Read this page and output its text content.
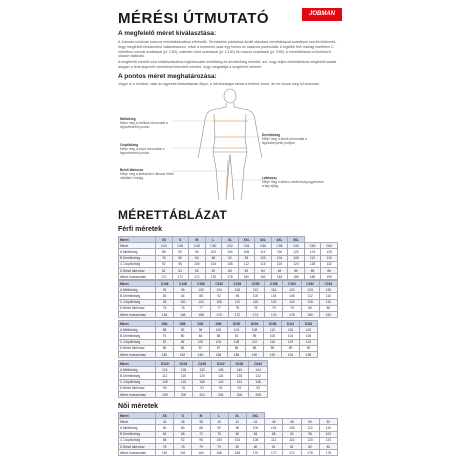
MÉRÉSI ÚTMUTATÓ	JOBMAN
A megfelelő méret kiválasztása:
A Jobman ruháinak számos mérettáblázatban elérhetők. Termékeink pántalhoz kínált standard mérettáblázat szabályok szerint történnek, hogy megfelelő illeszkedést választhasson, mivel a testméret csak egy fontos és hasznos potenciális. A legtöbb férfi nadrág esetében C méretben normál szabással (pl. C50), valamint rövid szabással (pl. C150) és hosszú szabással (pl. D96). A mérettáblázat a következő oldalon található.
A megfelelő méretű ruha kiválasztásához legfontosabb mellbőség és derékbőség méretét, azt, hogy teljes mérettáblázat megfelelő adatai alapján a fenti alapvető méretekkel készített méretet, hogy megtalálja a megfelelő méretet.
A pontos méret meghatározása:
Vegye le a ruhákat, csak az egyenes testtartásban álljon, a mérőszalagot tartsa a testhez közel, de ne húzza meg túl szorosan.
Mellbőség
Mérje meg a mellkas körvonalát a legszélesebb ponton.
Derékbőség
Mérje meg a derék körvonalát a legkeskenyebb pontján.
Csípőbőség
Mérje meg a csípő körvonalát a legszélesebb ponton.
Belső lábhossz
Mérje meg a lábszárát a lábszár belső oldalától a talpig.	Lábhossz
Mérje meg a lábát a derékrészig egyenesen a talp aljáig.
MÉRETTÁBLÁZAT
Férfi méretek
Méret	XS	S	M	L	XL	XXL	3XL	4XL	5XL		
Méret	C44	C46	C48	C50	C52	C54	C56	C58	C60	C62	C64
A Mellbőség	88	92	96	100	104	108	112	116	120	124	128
B Derékbőség	76	80	84	88	92	96	100	104	108	112	116
C Csípőbőség	92	96	100	104	108	112	116	120	124	128	132
D Belső lábhossz	81	81	82	82	83	83	84	84	85	85	86
Méret hosszúsban	170	172	174	176	178	180	182	184	186	188	190
Méret	C146	C148	C150	C152	C154	C156	C158	C160	C162	C164
A Mellbőség	92	96	100	104	108	112	116	120	124	128
B Derékbőség	80	84	88	92	96	100	104	108	112	116
C Csípőbőség	96	100	104	108	112	116	120	124	128	132
D Belső lábhossz	76	76	77	77	78	78	79	79	80	80
Méret hosszúsban	164	166	168	170	172	174	176	178	180	182
Méret	D84	D88	D92	D96	D100	D104	D108	D112	D116
A Mellbőség	88	92	96	100	104	108	112	116	120
B Derékbőség	76	80	84	88	92	96	100	104	108
C Csípőbőség	92	96	100	104	108	112	116	120	124
D Belső lábhossz	86	86	87	87	88	88	89	89	90
Méret hosszúsban	180	182	184	186	188	190	192	194	196
Méret	D120	D124	D128	D132	D136	D140
A Mellbőség	124	128	132	136	140	144
B Derékbőség	112	116	120	124	128	132
C Csípőbőség	128	132	136	140	144	148
D Belső lábhossz	90	91	91	92	92	93
Méret hosszúsban	198	200	202	204	206	208
Női méretek
Méret	XS	S	M	L	XL	XXL				
Méret	34	36	38	40	42	44	46	48	50	52
A Mellbőség	80	84	88	92	96	100	104	108	112	116
B Derékbőség	64	68	72	76	80	84	88	92	96	100
C Csípőbőség	88	92	96	100	104	108	112	116	120	124
D Belső lábhossz	78	78	79	79	80	80	81	81	82	82
Méret hosszúsban	160	162	164	166	168	170	172	174	176	178
